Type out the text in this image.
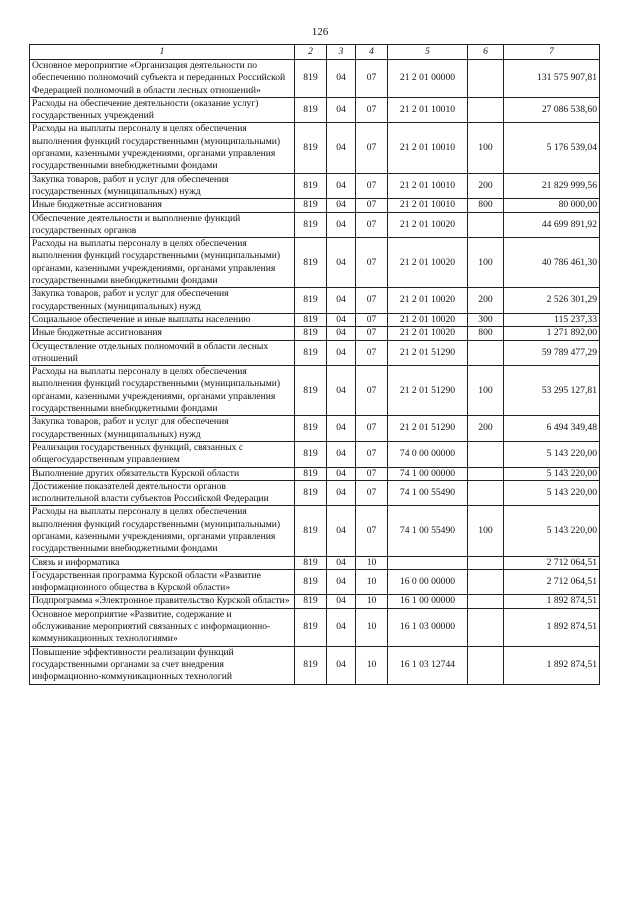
126
1	2	3	4	5	6	7
Основное мероприятие «Организация деятельности по обеспечению полномочий субъекта и переданных Российской Федерацией полномочий в области лесных отношений»	819	04	07	21 2 01 00000		131 575 907,81
Расходы на обеспечение деятельности (оказание услуг) государственных учреждений	819	04	07	21 2 01 10010		27 086 538,60
Расходы на выплаты персоналу в целях обеспечения выполнения функций государственными (муниципальными) органами, казенными учреждениями, органами управления государственными внебюджетными фондами	819	04	07	21 2 01 10010	100	5 176 539,04
Закупка товаров, работ и услуг для обеспечения государственных (муниципальных) нужд	819	04	07	21 2 01 10010	200	21 829 999,56
Иные бюджетные ассигнования	819	04	07	21 2 01 10010	800	80 000,00
Обеспечение деятельности и выполнение функций государственных органов	819	04	07	21 2 01 10020		44 699 891,92
Расходы на выплаты персоналу в целях обеспечения выполнения функций государственными (муниципальными) органами, казенными учреждениями, органами управления государственными внебюджетными фондами	819	04	07	21 2 01 10020	100	40 786 461,30
Закупка товаров, работ и услуг для обеспечения государственных (муниципальных) нужд	819	04	07	21 2 01 10020	200	2 526 301,29
Социальное обеспечение и иные выплаты населению	819	04	07	21 2 01 10020	300	115 237,33
Иные бюджетные ассигнования	819	04	07	21 2 01 10020	800	1 271 892,00
Осуществление отдельных полномочий в области лесных отношений	819	04	07	21 2 01 51290		59 789 477,29
Расходы на выплаты персоналу в целях обеспечения выполнения функций государственными (муниципальными) органами, казенными учреждениями, органами управления государственными внебюджетными фондами	819	04	07	21 2 01 51290	100	53 295 127,81
Закупка товаров, работ и услуг для обеспечения государственных (муниципальных) нужд	819	04	07	21 2 01 51290	200	6 494 349,48
Реализация государственных функций, связанных с общегосударственным управлением	819	04	07	74 0 00 00000		5 143 220,00
Выполнение других обязательств Курской области	819	04	07	74 1 00 00000		5 143 220,00
Достижение показателей деятельности органов исполнительной власти субъектов Российской Федерации	819	04	07	74 1 00 55490		5 143 220,00
Расходы на выплаты персоналу в целях обеспечения выполнения функций государственными (муниципальными) органами, казенными учреждениями, органами управления государственными внебюджетными фондами	819	04	07	74 1 00 55490	100	5 143 220,00
Связь и информатика	819	04	10			2 712 064,51
Государственная программа Курской области «Развитие информационного общества в Курской области»	819	04	10	16 0 00 00000		2 712 064,51
Подпрограмма «Электронное правительство Курской области»	819	04	10	16 1 00 00000		1 892 874,51
Основное мероприятие «Развитие, содержание и обслуживание мероприятий связанных с информационно-коммуникационных технологиями»	819	04	10	16 1 03 00000		1 892 874,51
Повышение эффективности реализации функций государственными органами за счет внедрения информационно-коммуникационных технологий	819	04	10	16 1 03 12744		1 892 874,51
